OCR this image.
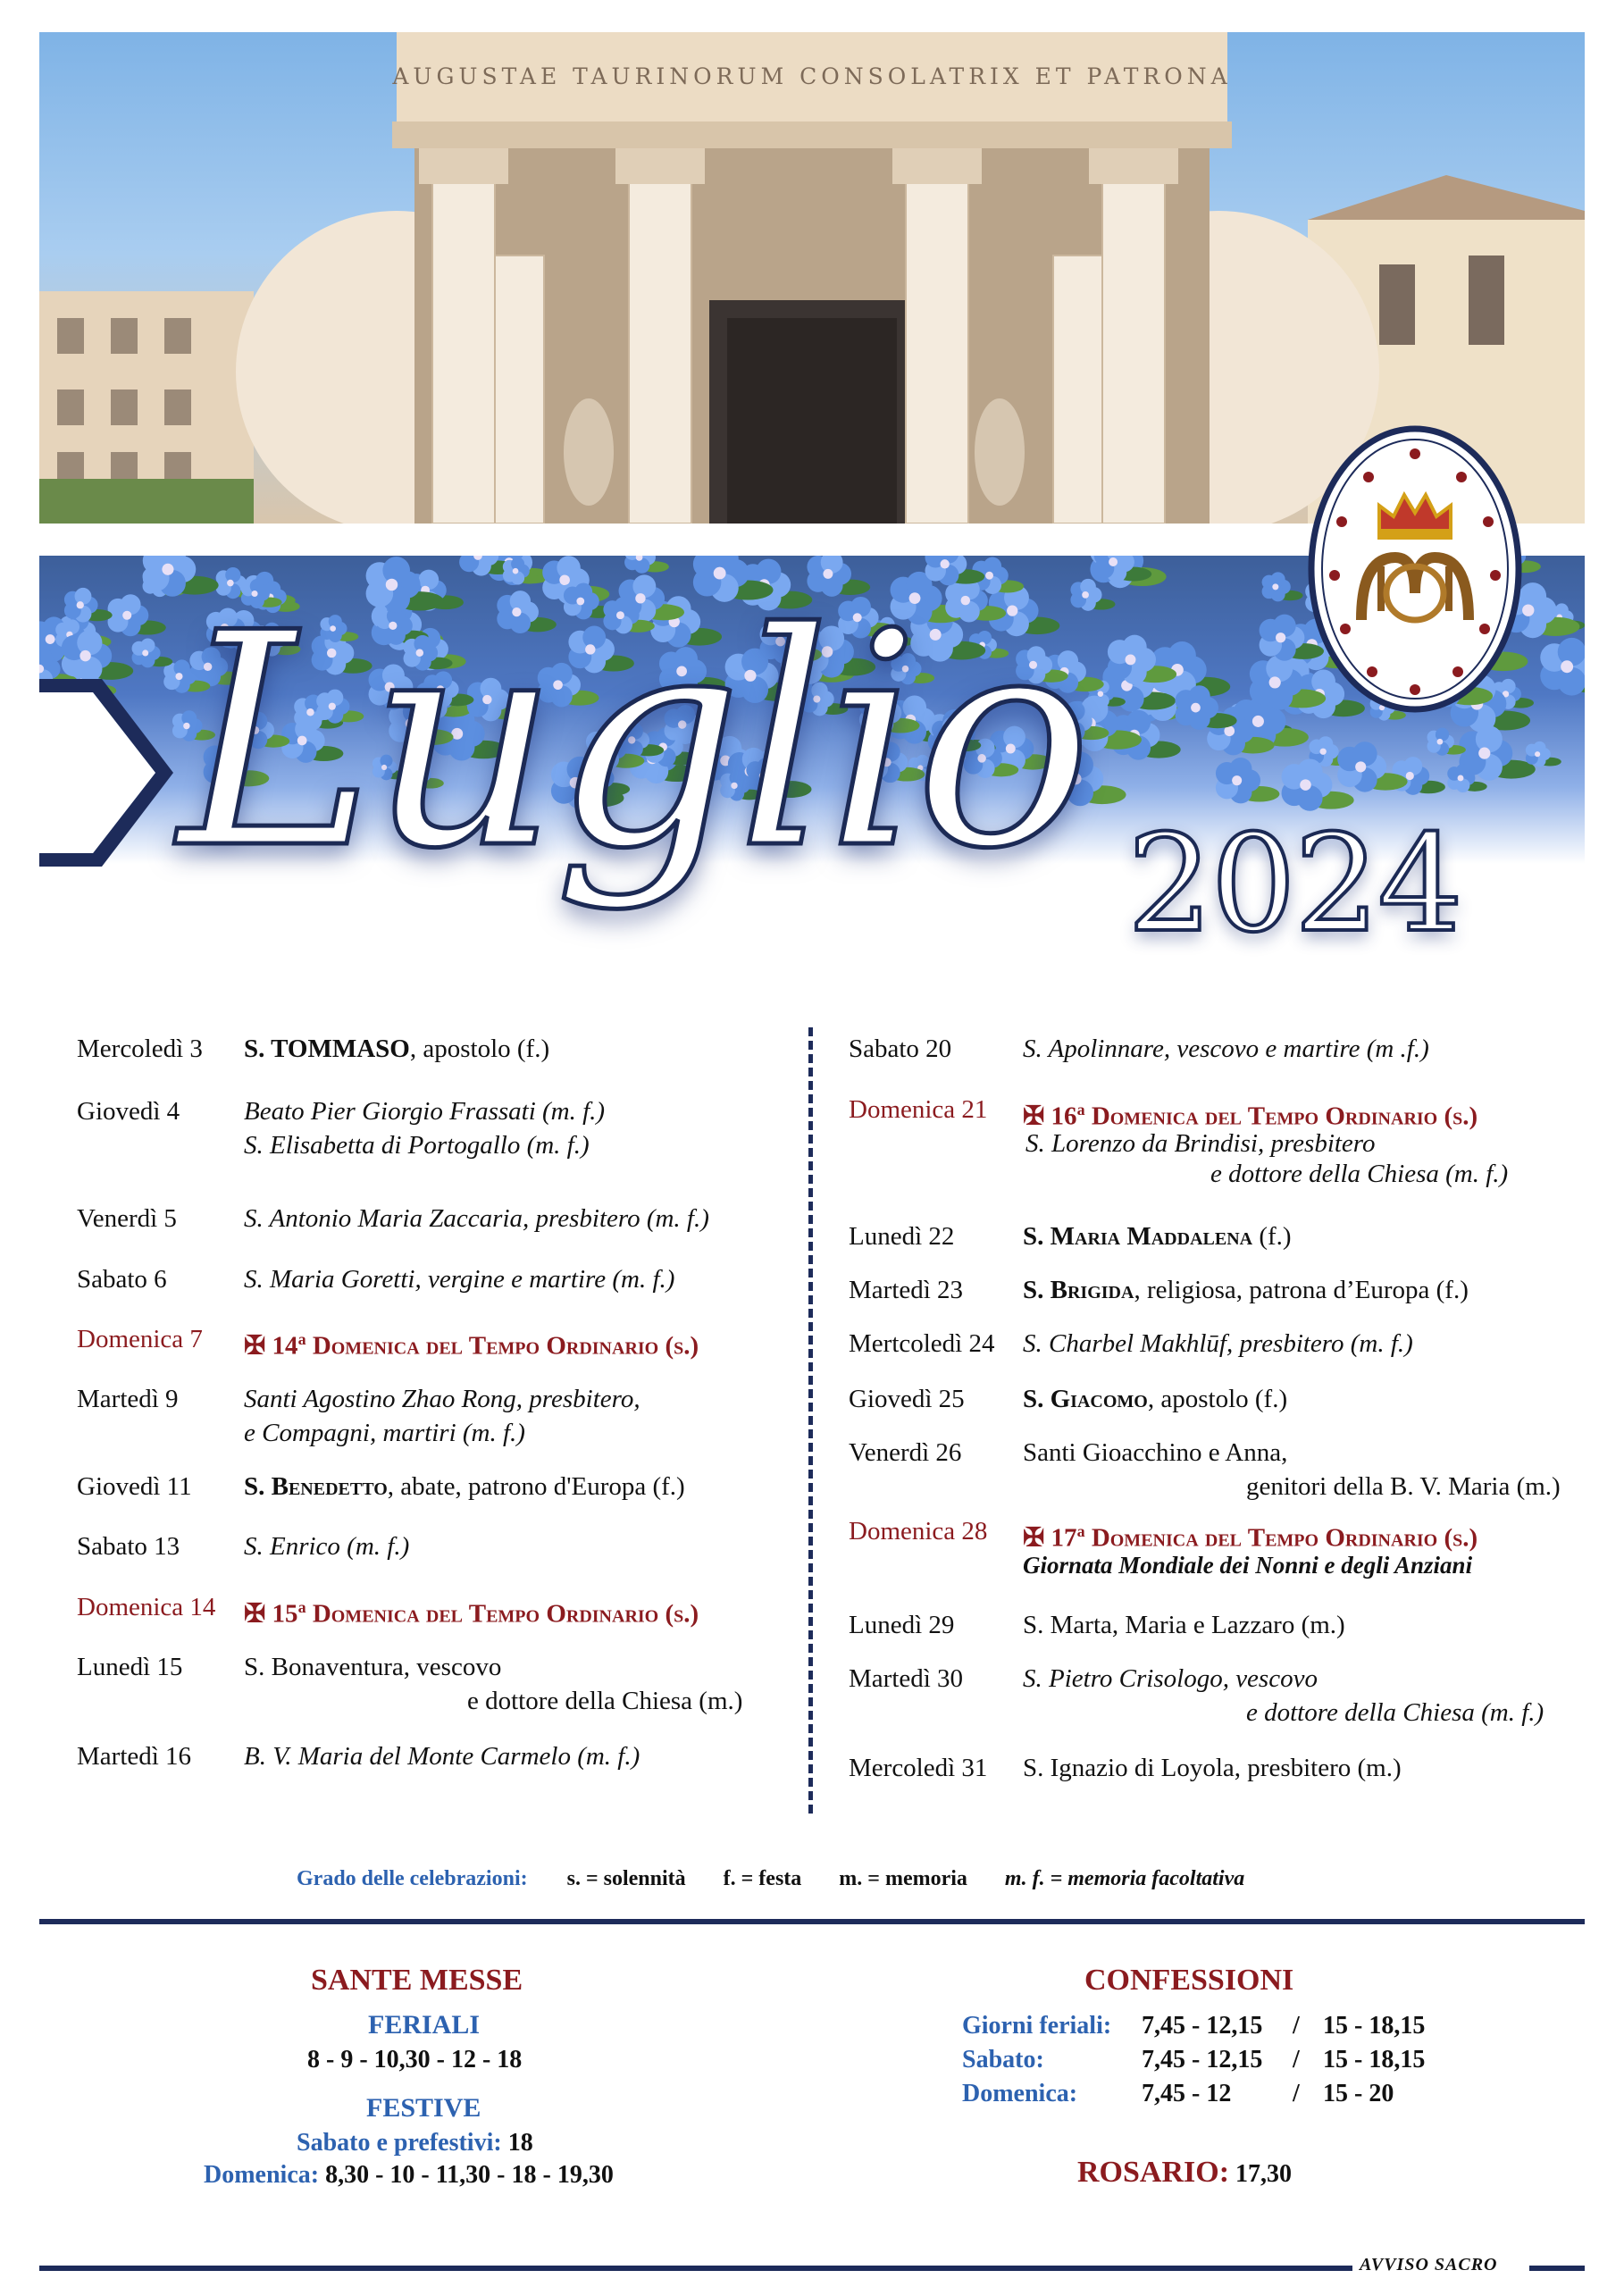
AUGUSTAE TAURINORUM CONSOLATRIX ET PATRONA
Luglio 2024
Mercoledì 3 S. TOMMASO, apostolo (f.)
Giovedì 4 Beato Pier Giorgio Frassati (m. f.)
S. Elisabetta di Portogallo (m. f.)
Venerdì 5	S. Antonio Maria Zaccaria, presbitero (m. f.)
Sabato 6	S. Maria Goretti, vergine e martire (m. f.)
Domenica 7 ✠ 14$^a$ Domenica del Tempo Ordinario (s.)
Martedì 9	Santi Agostino Zhao Rong, presbitero,
e Compagni, martiri (m. f.)
Giovedì 11 S. Benedetto, abate, patrono d'Europa (f.)
Sabato 13 S. Enrico (m. f.)
Domenica 14 ✠ 15$^a$ Domenica del Tempo Ordinario (s.)
Lunedì 15 S. Bonaventura, vescovo
e dottore della Chiesa (m.)
Martedì 16 B. V. Maria del Monte Carmelo (m. f.)
Sabato 20	S. Apolinnare, vescovo e martire (m .f.)
Domenica 21 ✠ 16$^a$ Domenica del Tempo Ordinario (s.)
S. Lorenzo da Brindisi, presbitero
e dottore della Chiesa (m. f.)
Lunedì 22	S. Maria Maddalena (f.)
Martedì 23 S. Brigida, religiosa, patrona d’Europa (f.)
Mertcoledì 24 S. Charbel Makhlūf, presbitero (m. f.)
Giovedì 25 S. Giacomo, apostolo (f.)
Venerdì 26 Santi Gioacchino e Anna,
genitori della B. V. Maria (m.)
Domenica 28 ✠ 17$^a$ Domenica del Tempo Ordinario (s.)
Giornata Mondiale dei Nonni e degli Anziani
Lunedì 29	S. Marta, Maria e Lazzaro (m.)
Martedì 30 S. Pietro Crisologo, vescovo
e dottore della Chiesa (m. f.)
Mercoledì 31 S. Ignazio di Loyola, presbitero (m.)
Grado delle celebrazioni: s. = solennità f. = festa m. = memoria m. f. = memoria facoltativa
SANTE MESSE
FERIALI
8 - 9 - 10,30 - 12 - 18
FESTIVE
Sabato e prefestivi: 18
Domenica: 8,30 - 10 - 11,30 - 18 - 19,30
CONFESSIONI
Giorni feriali: 7,45 - 12,15 / 15 - 18,15
Sabato:	7,45 - 12,15 / 15 - 18,15
Domenica:	7,45 - 12 / 15 - 20
ROSARIO: 17,30
AVVISO SACRO
